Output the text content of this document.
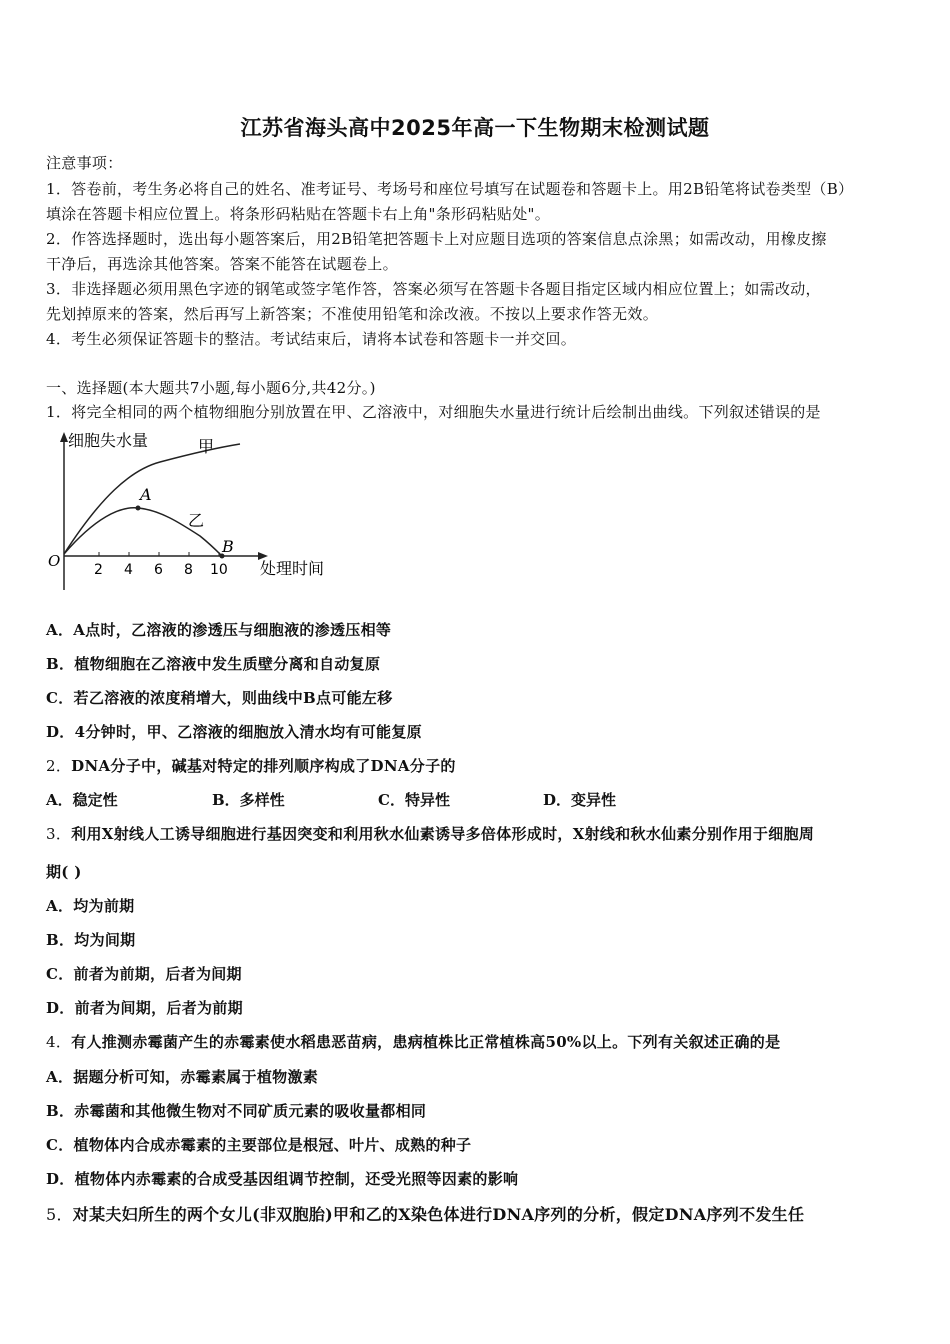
江苏省海头高中2025年高一下生物期末检测试题
注意事项：
1．答卷前，考生务必将自己的姓名、准考证号、考场号和座位号填写在试题卷和答题卡上。用2B铅笔将试卷类型（B）
填涂在答题卡相应位置上。将条形码粘贴在答题卡右上角"条形码粘贴处"。
2．作答选择题时，选出每小题答案后，用2B铅笔把答题卡上对应题目选项的答案信息点涂黑；如需改动，用橡皮擦
干净后，再选涂其他答案。答案不能答在试题卷上。
3．非选择题必须用黑色字迹的钢笔或签字笔作答，答案必须写在答题卡各题目指定区域内相应位置上；如需改动，
先划掉原来的答案，然后再写上新答案；不准使用铅笔和涂改液。不按以上要求作答无效。
4．考生必须保证答题卡的整洁。考试结束后，请将本试卷和答题卡一并交回。
一、选择题(本大题共7小题,每小题6分,共42分。)
1．将完全相同的两个植物细胞分别放置在甲、乙溶液中，对细胞失水量进行统计后绘制出曲线。下列叙述错误的是
细胞失水量	甲
乙
A
B
O 2 4 6 8 10 处理时间
A．A点时，乙溶液的渗透压与细胞液的渗透压相等
B．植物细胞在乙溶液中发生质壁分离和自动复原
C．若乙溶液的浓度稍增大，则曲线中B点可能左移
D．4分钟时，甲、乙溶液的细胞放入清水均有可能复原
2．DNA分子中，碱基对特定的排列顺序构成了DNA分子的
A．稳定性	B．多样性	C．特异性	D．变异性
3．利用X射线人工诱导细胞进行基因突变和利用秋水仙素诱导多倍体形成时，X射线和秋水仙素分别作用于细胞周
期( )
A．均为前期
B．均为间期
C．前者为前期，后者为间期
D．前者为间期，后者为前期
4．有人推测赤霉菌产生的赤霉素使水稻患恶苗病，患病植株比正常植株高50%以上。下列有关叙述正确的是
A．据题分析可知，赤霉素属于植物激素
B．赤霉菌和其他微生物对不同矿质元素的吸收量都相同
C．植物体内合成赤霉素的主要部位是根冠、叶片、成熟的种子
D．植物体内赤霉素的合成受基因组调节控制，还受光照等因素的影响
5．对某夫妇所生的两个女儿(非双胞胎)甲和乙的X染色体进行DNA序列的分析，假定DNA序列不发生任
